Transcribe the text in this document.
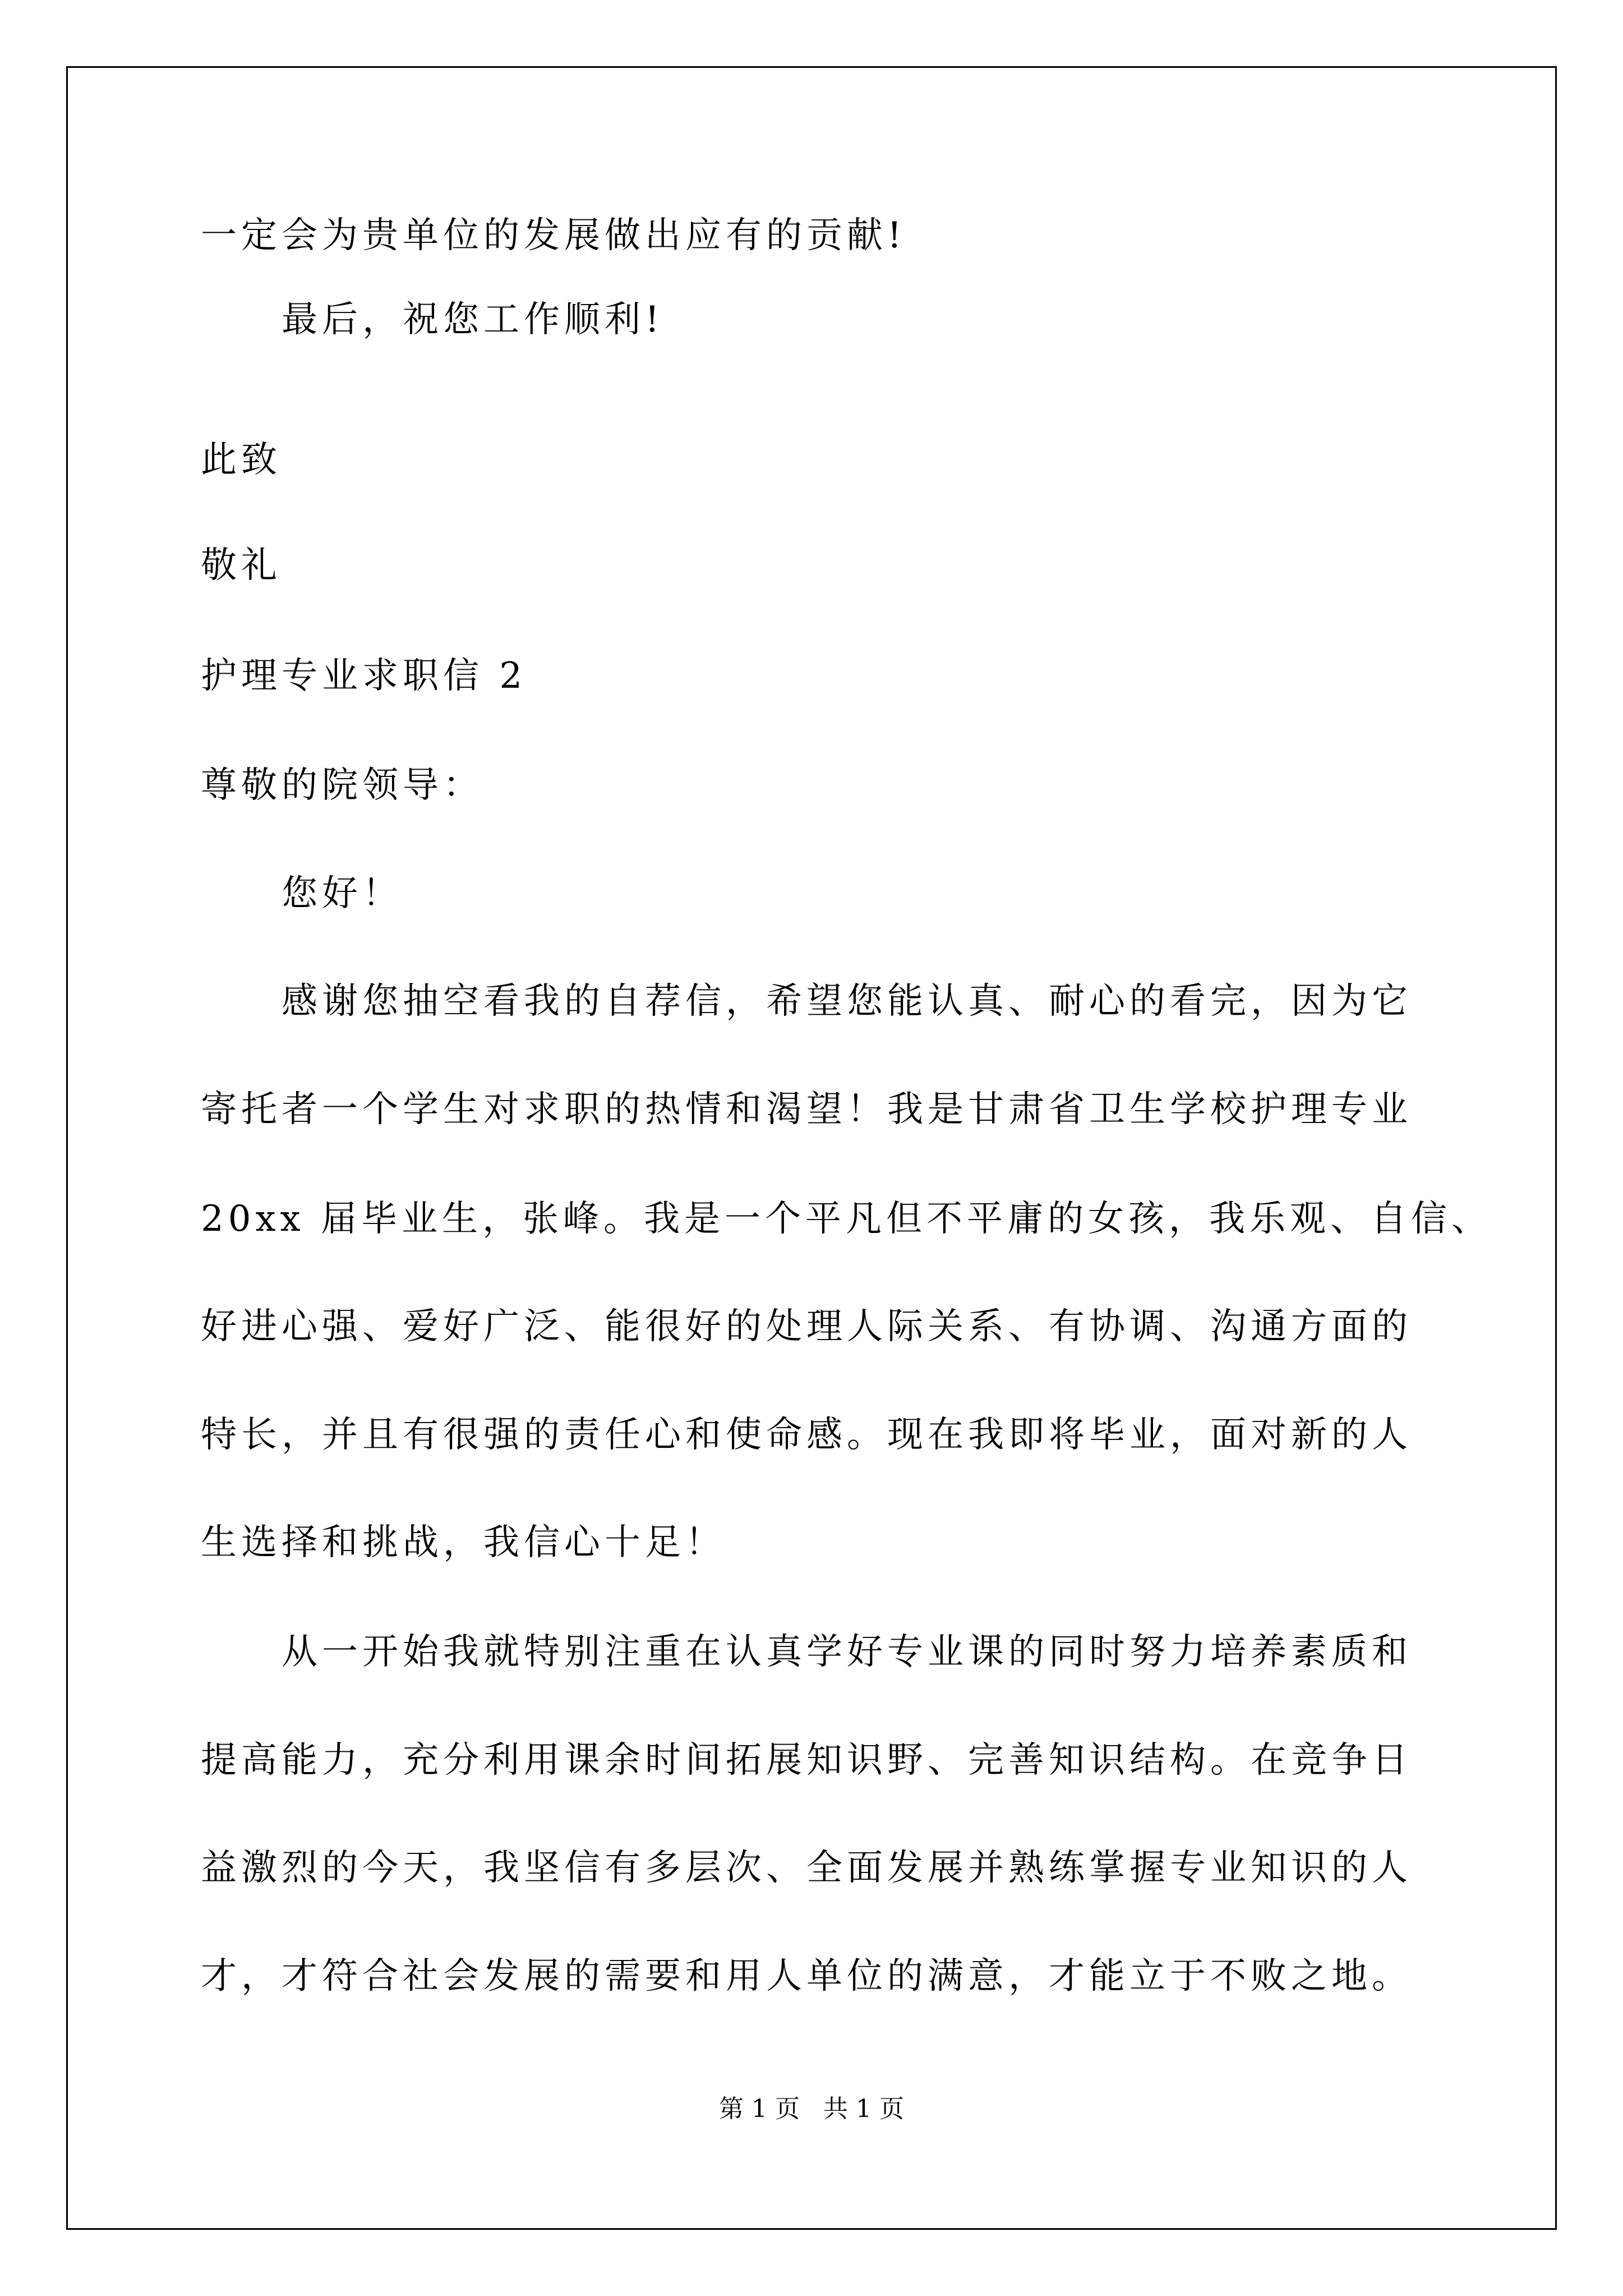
一定会为贵单位的发展做出应有的贡献!
最后，祝您工作顺利!
此致
敬礼
护理专业求职信 2
尊敬的院领导：
您好！
感谢您抽空看我的自荐信，希望您能认真、耐心的看完，因为它
寄托者一个学生对求职的热情和渴望！我是甘肃省卫生学校护理专业
20xx 届毕业生，张峰。我是一个平凡但不平庸的女孩，我乐观、自信、
好进心强、爱好广泛、能很好的处理人际关系、有协调、沟通方面的
特长，并且有很强的责任心和使命感。现在我即将毕业，面对新的人
生选择和挑战，我信心十足！
从一开始我就特别注重在认真学好专业课的同时努力培养素质和
提高能力，充分利用课余时间拓展知识野、完善知识结构。在竞争日
益激烈的今天，我坚信有多层次、全面发展并熟练掌握专业知识的人
才，才符合社会发展的需要和用人单位的满意，才能立于不败之地。
第 1 页   共 1 页
